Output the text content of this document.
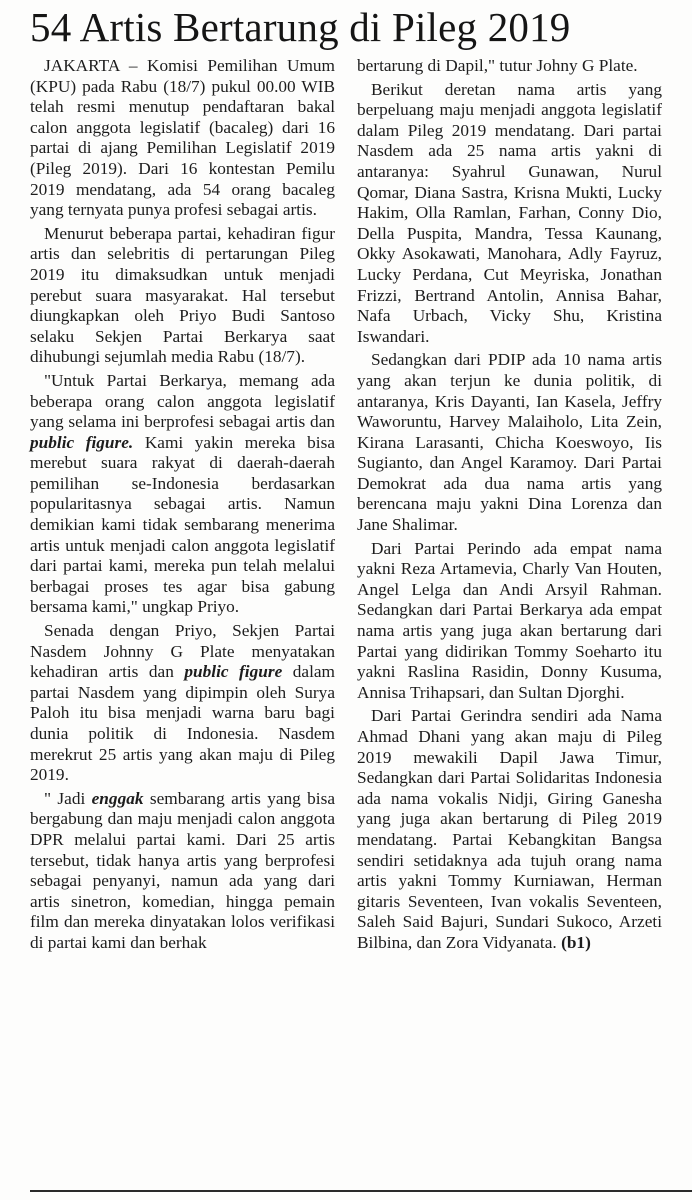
54 Artis Bertarung di Pileg 2019

JAKARTA – Komisi Pemilihan Umum (KPU) pada Rabu (18/7) pukul 00.00 WIB telah resmi menutup pendaftaran bakal calon anggota legislatif (bacaleg) dari 16 partai di ajang Pemilihan Legislatif 2019 (Pileg 2019). Dari 16 kontestan Pemilu 2019 mendatang, ada 54 orang bacaleg yang ternyata punya profesi sebagai artis.

Menurut beberapa partai, kehadiran figur artis dan selebritis di pertarungan Pileg 2019 itu dimaksudkan untuk menjadi perebut suara masyarakat. Hal tersebut diungkapkan oleh Priyo Budi Santoso selaku Sekjen Partai Berkarya saat dihubungi sejumlah media Rabu (18/7).

"Untuk Partai Berkarya, memang ada beberapa orang calon anggota legislatif yang selama ini berprofesi sebagai artis dan public figure. Kami yakin mereka bisa merebut suara rakyat di daerah-daerah pemilihan se-Indonesia berdasarkan popularitasnya sebagai artis. Namun demikian kami tidak sembarang menerima artis untuk menjadi calon anggota legislatif dari partai kami, mereka pun telah melalui berbagai proses tes agar bisa gabung bersama kami," ungkap Priyo.

Senada dengan Priyo, Sekjen Partai Nasdem Johnny G Plate menyatakan kehadiran artis dan public figure dalam partai Nasdem yang dipimpin oleh Surya Paloh itu bisa menjadi warna baru bagi dunia politik di Indonesia. Nasdem merekrut 25 artis yang akan maju di Pileg 2019.

" Jadi enggak sembarang artis yang bisa bergabung dan maju menjadi calon anggota DPR melalui partai kami. Dari 25 artis tersebut, tidak hanya artis yang berprofesi sebagai penyanyi, namun ada yang dari artis sinetron, komedian, hingga pemain film dan mereka dinyatakan lolos verifikasi di partai kami dan berhak

bertarung di Dapil," tutur Johny G Plate.

Berikut deretan nama artis yang berpeluang maju menjadi anggota legislatif dalam Pileg 2019 mendatang. Dari partai Nasdem ada 25 nama artis yakni di antaranya: Syahrul Gunawan, Nurul Qomar, Diana Sastra, Krisna Mukti, Lucky Hakim, Olla Ramlan, Farhan, Conny Dio, Della Puspita, Mandra, Tessa Kaunang, Okky Asokawati, Manohara, Adly Fayruz, Lucky Perdana, Cut Meyriska, Jonathan Frizzi, Bertrand Antolin, Annisa Bahar, Nafa Urbach, Vicky Shu, Kristina Iswandari.

Sedangkan dari PDIP ada 10 nama artis yang akan terjun ke dunia politik, di antaranya, Kris Dayanti, Ian Kasela, Jeffry Waworuntu, Harvey Malaiholo, Lita Zein, Kirana Larasanti, Chicha Koeswoyo, Iis Sugianto, dan Angel Karamoy. Dari Partai Demokrat ada dua nama artis yang berencana maju yakni Dina Lorenza dan Jane Shalimar.

Dari Partai Perindo ada empat nama yakni Reza Artamevia, Charly Van Houten, Angel Lelga dan Andi Arsyil Rahman. Sedangkan dari Partai Berkarya ada empat nama artis yang juga akan bertarung dari Partai yang didirikan Tommy Soeharto itu yakni Raslina Rasidin, Donny Kusuma, Annisa Trihapsari, dan Sultan Djorghi.

Dari Partai Gerindra sendiri ada Nama Ahmad Dhani yang akan maju di Pileg 2019 mewakili Dapil Jawa Timur, Sedangkan dari Partai Solidaritas Indonesia ada nama vokalis Nidji, Giring Ganesha yang juga akan bertarung di Pileg 2019 mendatang. Partai Kebangkitan Bangsa sendiri setidaknya ada tujuh orang nama artis yakni Tommy Kurniawan, Herman gitaris Seventeen, Ivan vokalis Seventeen, Saleh Said Bajuri, Sundari Sukoco, Arzeti Bilbina, dan Zora Vidyanata. (b1)
